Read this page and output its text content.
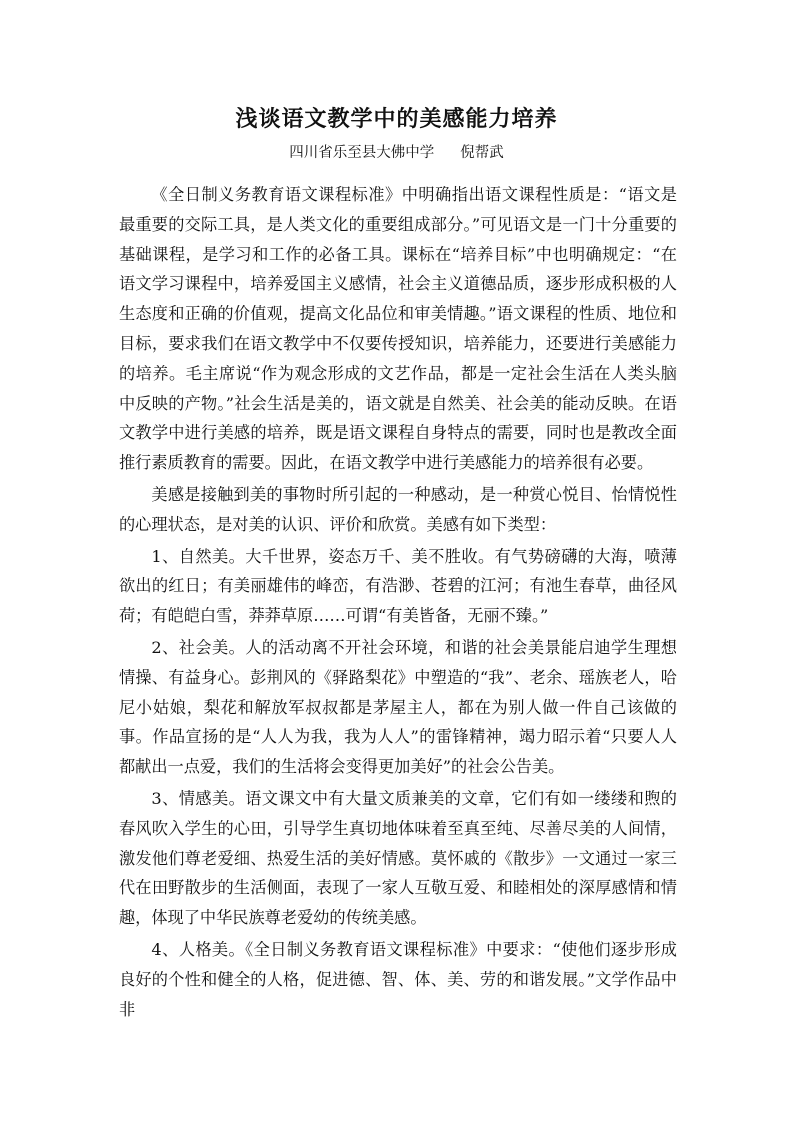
浅谈语文教学中的美感能力培养
四川省乐至县大佛中学 倪帮武

《全日制义务教育语文课程标准》中明确指出语文课程性质是：“语文是最重要的交际工具，是人类文化的重要组成部分。”可见语文是一门十分重要的基础课程，是学习和工作的必备工具。课标在“培养目标”中也明确规定：“在语文学习课程中，培养爱国主义感情，社会主义道德品质，逐步形成积极的人生态度和正确的价值观，提高文化品位和审美情趣。”语文课程的性质、地位和目标，要求我们在语文教学中不仅要传授知识，培养能力，还要进行美感能力的培养。毛主席说“作为观念形成的文艺作品，都是一定社会生活在人类头脑中反映的产物。”社会生活是美的，语文就是自然美、社会美的能动反映。在语文教学中进行美感的培养，既是语文课程自身特点的需要，同时也是教改全面推行素质教育的需要。因此，在语文教学中进行美感能力的培养很有必要。

美感是接触到美的事物时所引起的一种感动，是一种赏心悦目、怡情悦性的心理状态，是对美的认识、评价和欣赏。美感有如下类型：

1、自然美。大千世界，姿态万千、美不胜收。有气势磅礴的大海，喷薄欲出的红日；有美丽雄伟的峰峦，有浩渺、苍碧的江河；有池生春草，曲径风荷；有皑皑白雪，莽莽草原……可谓“有美皆备，无丽不臻。”

2、社会美。人的活动离不开社会环境，和谐的社会美景能启迪学生理想情操、有益身心。彭荆风的《驿路梨花》中塑造的“我”、老余、瑶族老人，哈尼小姑娘，梨花和解放军叔叔都是茅屋主人，都在为别人做一件自己该做的事。作品宣扬的是“人人为我，我为人人”的雷锋精神，竭力昭示着“只要人人都献出一点爱，我们的生活将会变得更加美好”的社会公告美。

3、情感美。语文课文中有大量文质兼美的文章，它们有如一缕缕和煦的春风吹入学生的心田，引导学生真切地体味着至真至纯、尽善尽美的人间情，激发他们尊老爱细、热爱生活的美好情感。莫怀戚的《散步》一文通过一家三代在田野散步的生活侧面，表现了一家人互敬互爱、和睦相处的深厚感情和情趣，体现了中华民族尊老爱幼的传统美感。

4、人格美。《全日制义务教育语文课程标准》中要求：“使他们逐步形成良好的个性和健全的人格，促进德、智、体、美、劳的和谐发展。”文学作品中非
